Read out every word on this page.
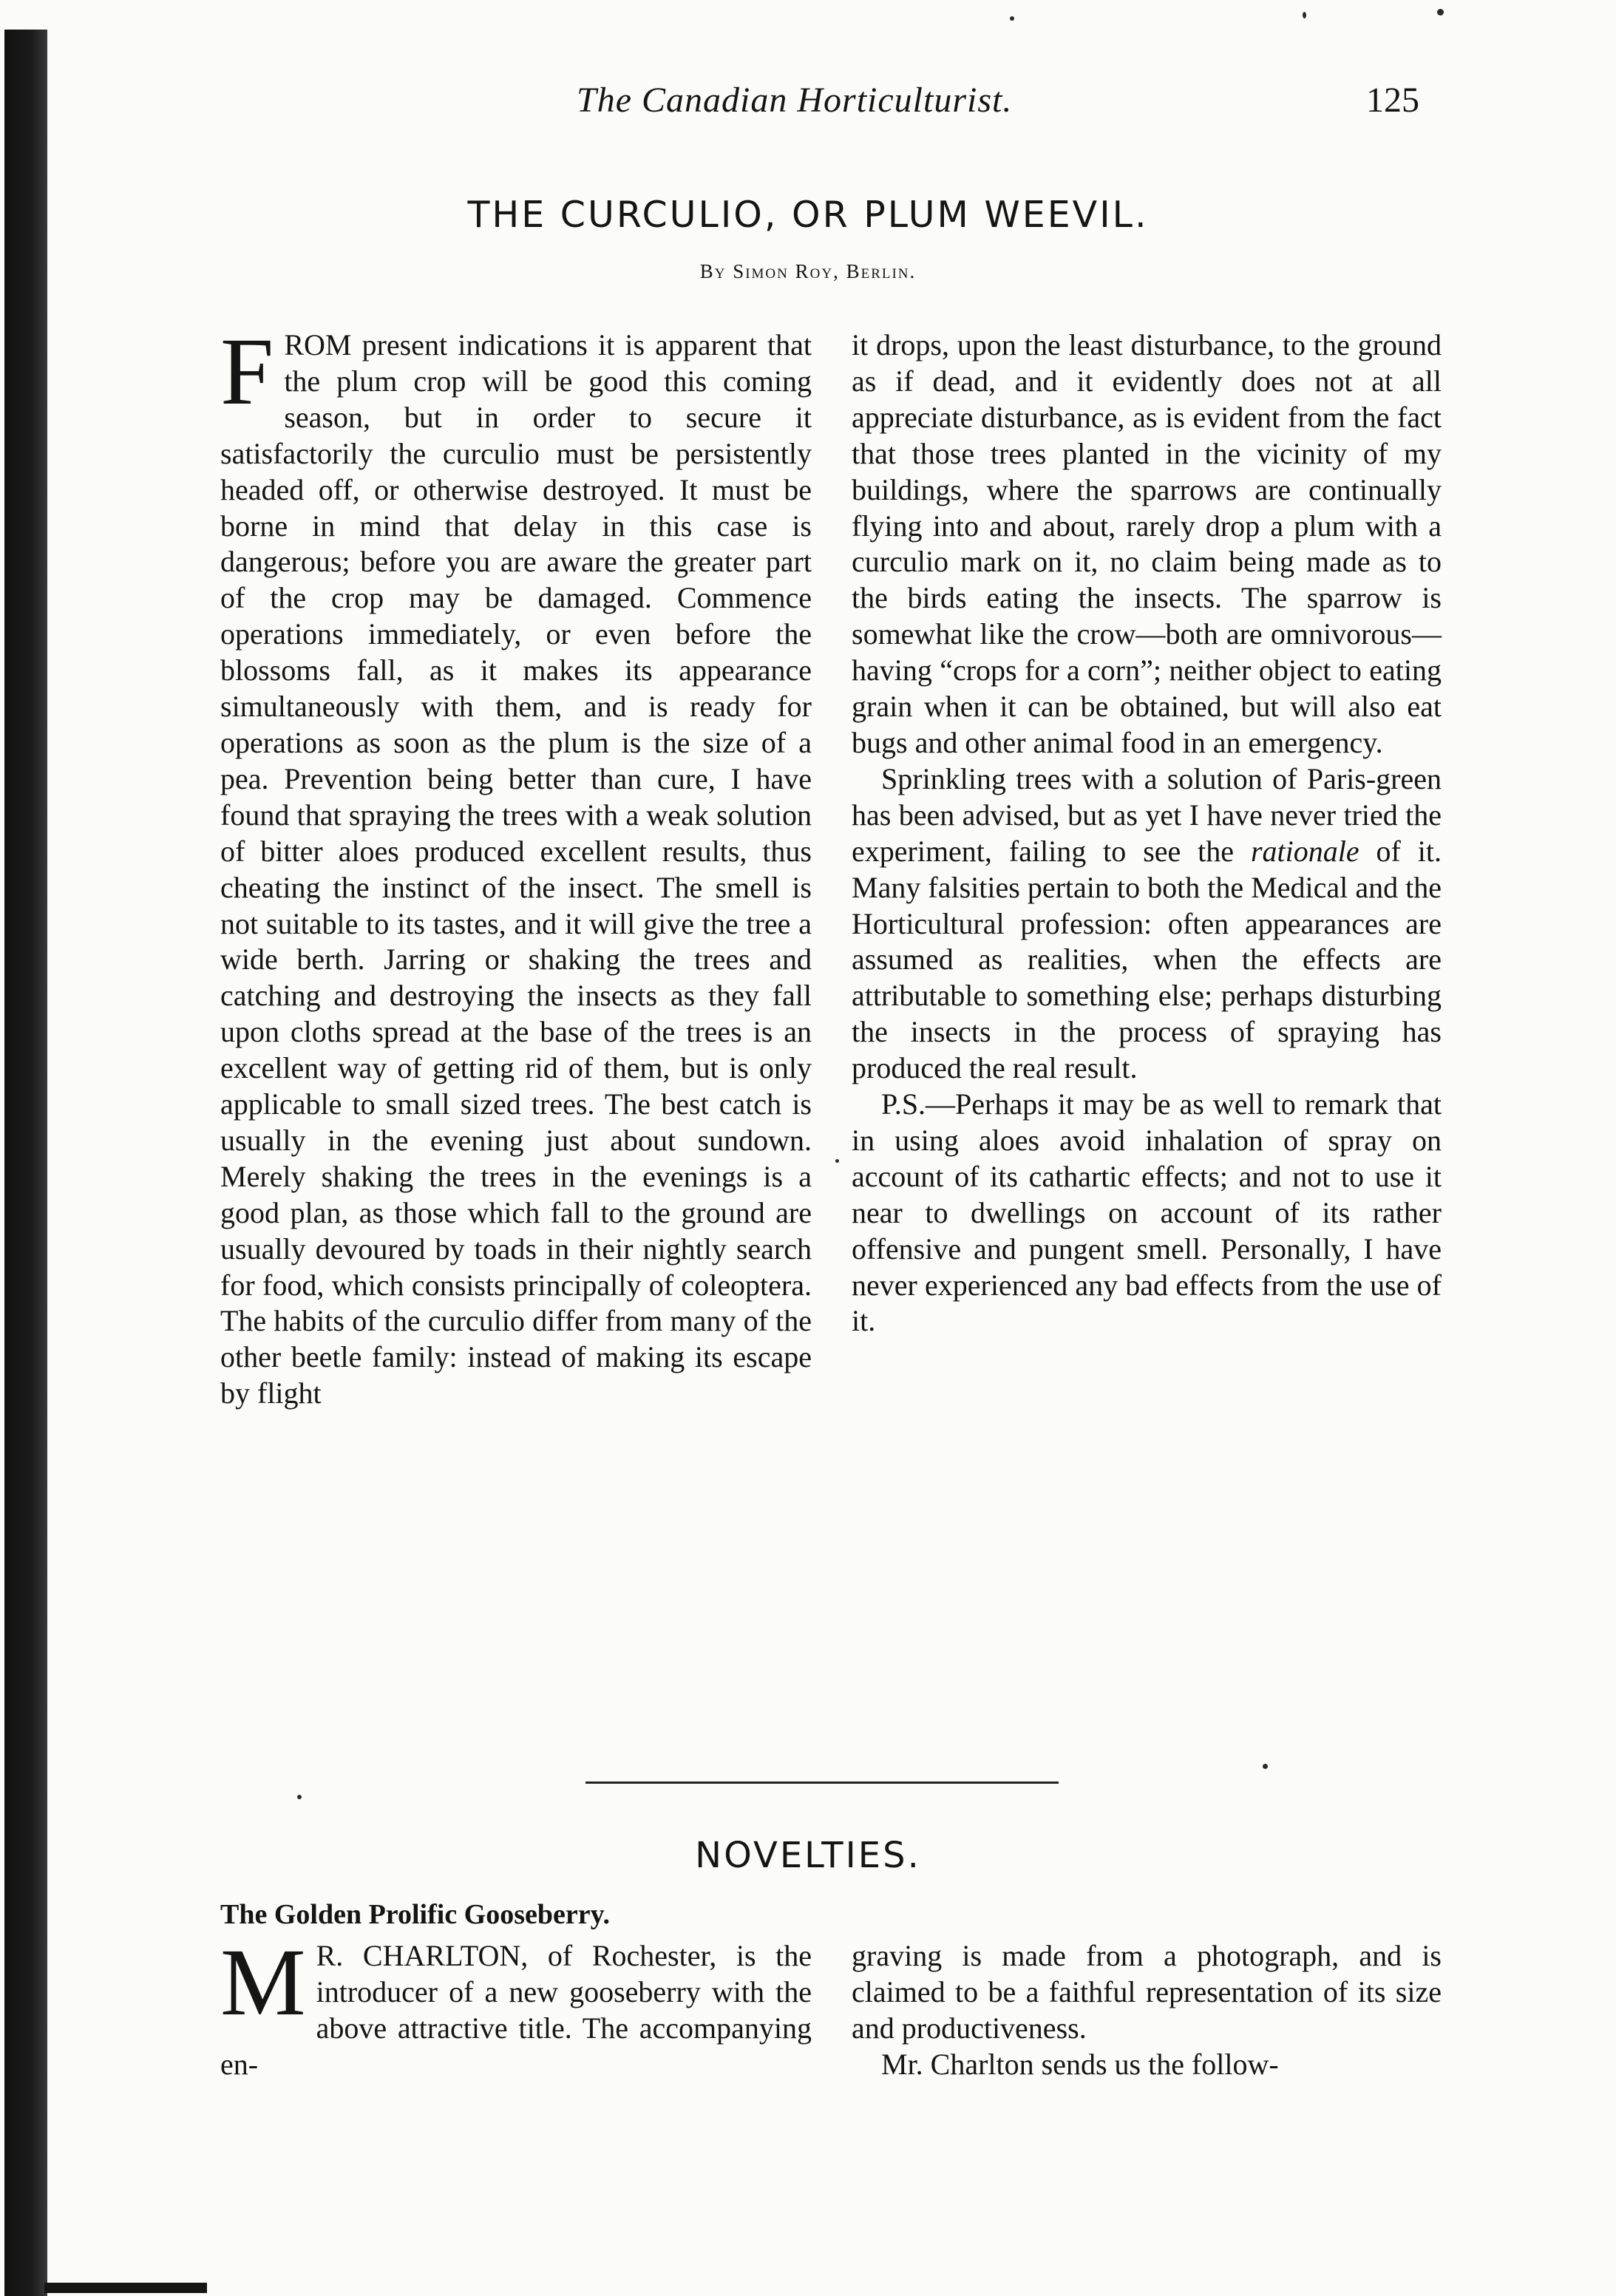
The Canadian Horticulturist.	125
THE CURCULIO, OR PLUM WEEVIL.
By Simon Roy, Berlin.

FROM present indications it is apparent that the plum crop will be good this coming season, but in order to secure it satisfactorily the curculio must be persistently headed off, or otherwise destroyed. It must be borne in mind that delay in this case is dangerous; before you are aware the greater part of the crop may be damaged. Commence operations immediately, or even before the blossoms fall, as it makes its appearance simultaneously with them, and is ready for operations as soon as the plum is the size of a pea. Prevention being better than cure, I have found that spraying the trees with a weak solution of bitter aloes produced excellent results, thus cheating the instinct of the insect. The smell is not suitable to its tastes, and it will give the tree a wide berth. Jarring or shaking the trees and catching and destroying the insects as they fall upon cloths spread at the base of the trees is an excellent way of getting rid of them, but is only applicable to small sized trees. The best catch is usually in the evening just about sundown. Merely shaking the trees in the evenings is a good plan, as those which fall to the ground are usually devoured by toads in their nightly search for food, which consists principally of coleoptera. The habits of the curculio differ from many of the other beetle family: instead of making its escape by flight

it drops, upon the least disturbance, to the ground as if dead, and it evidently does not at all appreciate disturbance, as is evident from the fact that those trees planted in the vicinity of my buildings, where the sparrows are continually flying into and about, rarely drop a plum with a curculio mark on it, no claim being made as to the birds eating the insects. The sparrow is somewhat like the crow—both are omnivorous—having “crops for a corn”; neither object to eating grain when it can be obtained, but will also eat bugs and other animal food in an emergency.

Sprinkling trees with a solution of Paris-green has been advised, but as yet I have never tried the experiment, failing to see the rationale of it. Many falsities pertain to both the Medical and the Horticultural profession: often appearances are assumed as realities, when the effects are attributable to something else; perhaps disturbing the insects in the process of spraying has produced the real result.

P.S.—Perhaps it may be as well to remark that in using aloes avoid inhalation of spray on account of its cathartic effects; and not to use it near to dwellings on account of its rather offensive and pungent smell. Personally, I have never experienced any bad effects from the use of it.

NOVELTIES.
The Golden Prolific Gooseberry.

M R. CHARLTON, of Rochester, is the introducer of a new gooseberry with the above attractive title. The accompanying en-

graving is made from a photograph, and is claimed to be a faithful representation of its size and productiveness.

Mr. Charlton sends us the follow-
